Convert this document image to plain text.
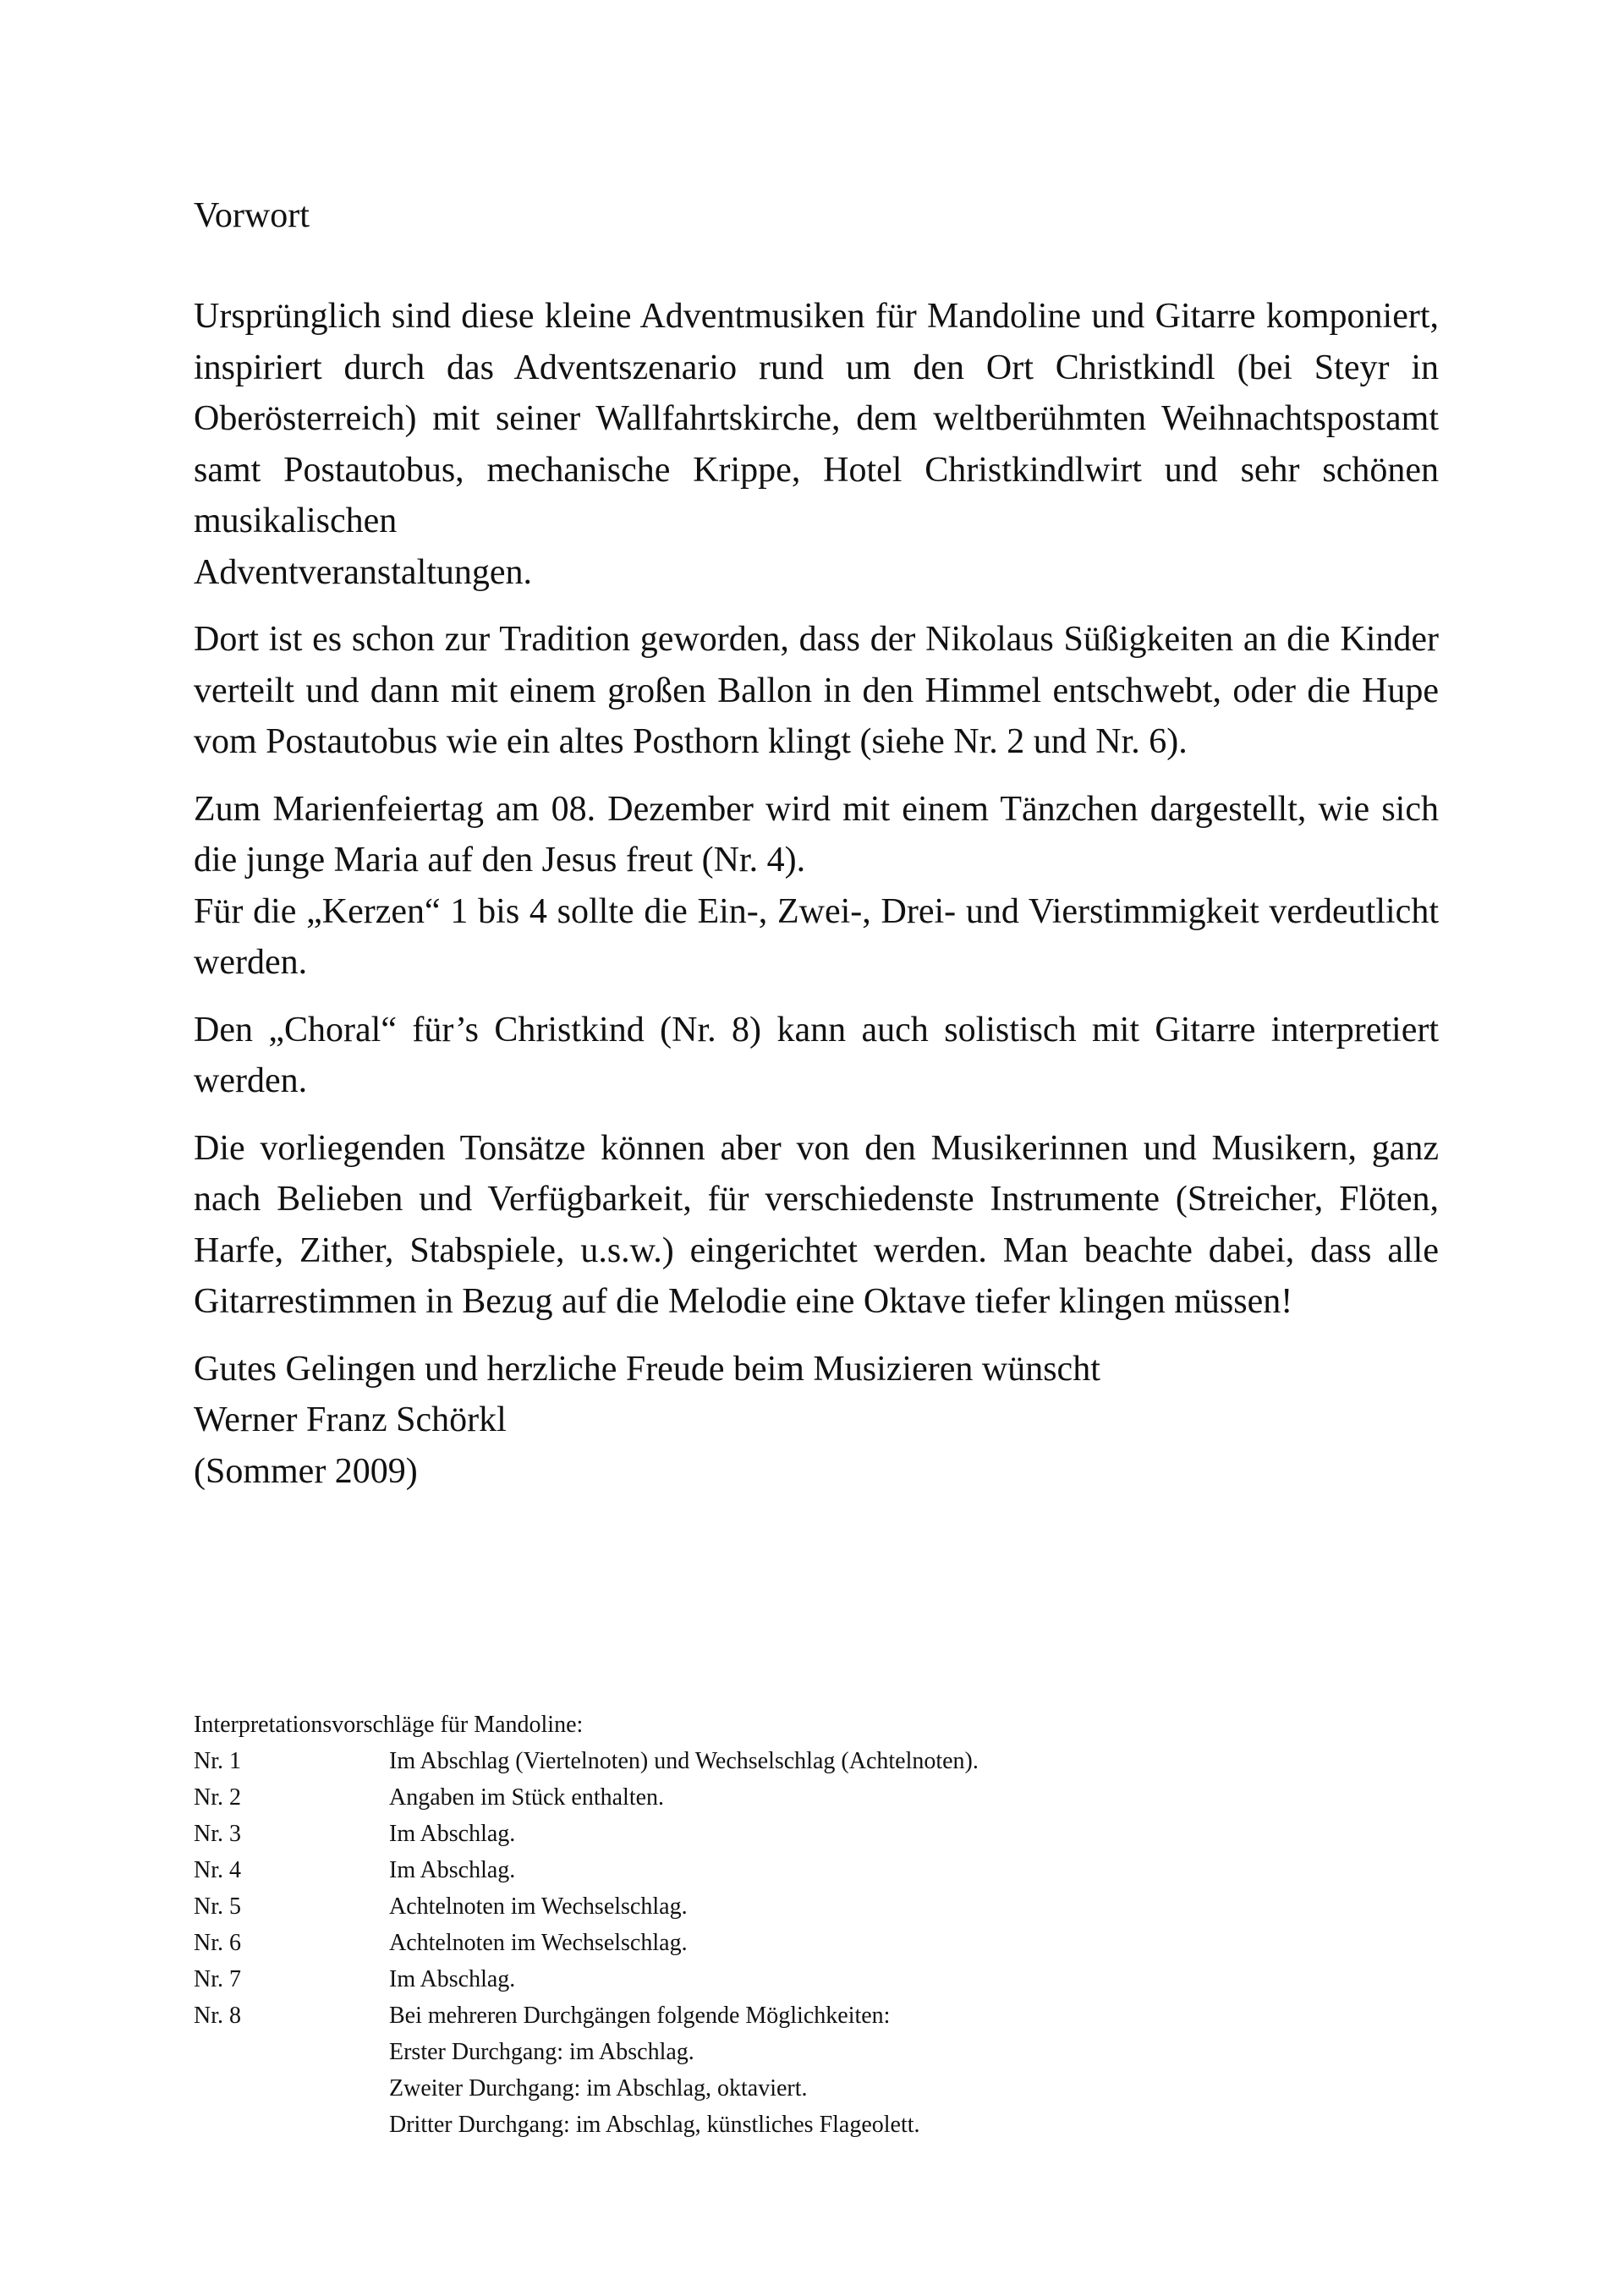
Vorwort

Ursprünglich sind diese kleine Adventmusiken für Mandoline und Gitarre komponiert, inspiriert durch das Adventszenario rund um den Ort Christkindl (bei Steyr in Oberösterreich) mit seiner Wallfahrtskirche, dem weltberühmten Weihnachtspostamt samt Postautobus, mechanische Krippe, Hotel Christkindlwirt und sehr schönen musikalischen

Adventveranstaltungen.

Dort ist es schon zur Tradition geworden, dass der Nikolaus Süßigkeiten an die Kinder verteilt und dann mit einem großen Ballon in den Himmel entschwebt, oder die Hupe vom Postautobus wie ein altes Posthorn klingt (siehe Nr. 2 und Nr. 6).

Zum Marienfeiertag am 08. Dezember wird mit einem Tänzchen dargestellt, wie sich die junge Maria auf den Jesus freut (Nr. 4).

Für die „Kerzen“ 1 bis 4 sollte die Ein-, Zwei-, Drei- und Vierstimmigkeit verdeutlicht werden.

Den „Choral“ für’s Christkind (Nr. 8) kann auch solistisch mit Gitarre interpretiert werden.

Die vorliegenden Tonsätze können aber von den Musikerinnen und Musikern, ganz nach Belieben und Verfügbarkeit, für verschiedenste Instrumente (Streicher, Flöten, Harfe, Zither, Stabspiele, u.s.w.) eingerichtet werden. Man beachte dabei, dass alle Gitarrestimmen in Bezug auf die Melodie eine Oktave tiefer klingen müssen!

Gutes Gelingen und herzliche Freude beim Musizieren wünscht
Werner Franz Schörkl
(Sommer 2009)

Interpretationsvorschläge für Mandoline:
Nr. 1	Im Abschlag (Viertelnoten) und Wechselschlag (Achtelnoten).
Nr. 2	Angaben im Stück enthalten.
Nr. 3	Im Abschlag.
Nr. 4	Im Abschlag.
Nr. 5	Achtelnoten im Wechselschlag.
Nr. 6	Achtelnoten im Wechselschlag.
Nr. 7	Im Abschlag.
Nr. 8	Bei mehreren Durchgängen folgende Möglichkeiten:
Erster Durchgang: im Abschlag.
Zweiter Durchgang: im Abschlag, oktaviert.
Dritter Durchgang: im Abschlag, künstliches Flageolett.
